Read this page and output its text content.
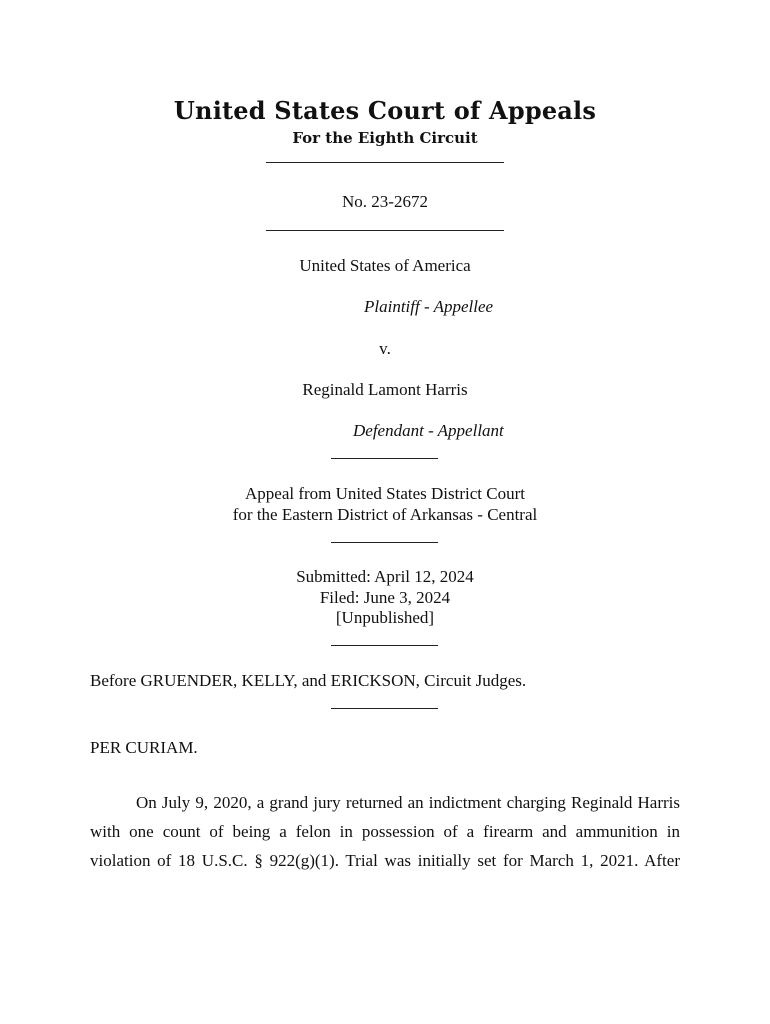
United States Court of Appeals
For the Eighth Circuit
No. 23-2672
United States of America
Plaintiff - Appellee
v.
Reginald Lamont Harris
Defendant - Appellant
Appeal from United States District Court
for the Eastern District of Arkansas - Central
Submitted: April 12, 2024
Filed: June 3, 2024
[Unpublished]
Before GRUENDER, KELLY, and ERICKSON, Circuit Judges.
PER CURIAM.
On July 9, 2020, a grand jury returned an indictment charging Reginald Harris
with one count of being a felon in possession of a firearm and ammunition in
violation of 18 U.S.C. § 922(g)(1). Trial was initially set for March 1, 2021. After
